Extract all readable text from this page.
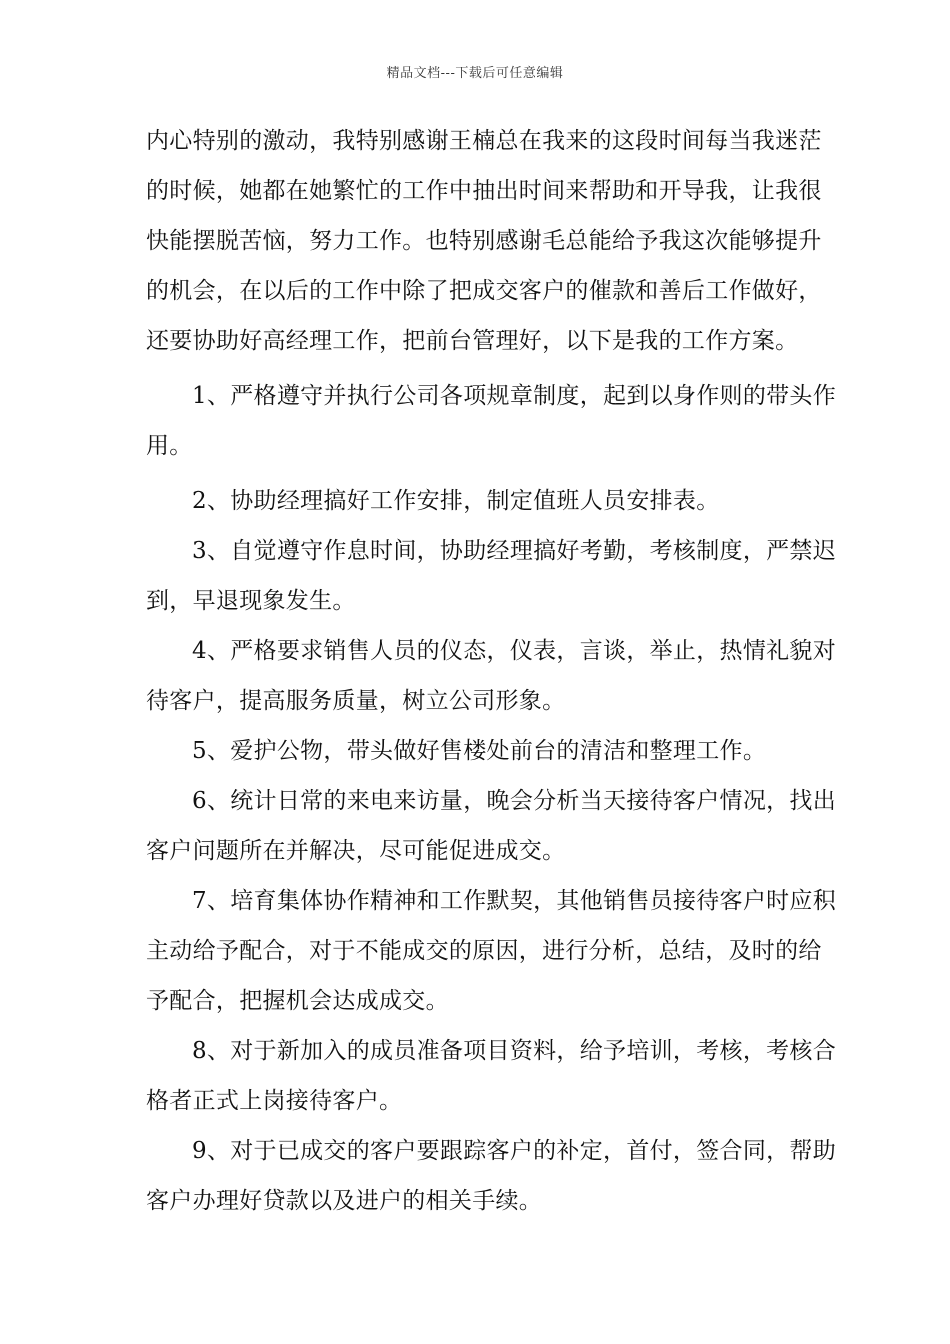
精品文档---下载后可任意编辑
内心特别的激动，我特别感谢王楠总在我来的这段时间每当我迷茫
的时候，她都在她繁忙的工作中抽出时间来帮助和开导我，让我很
快能摆脱苦恼，努力工作。也特别感谢毛总能给予我这次能够提升
的机会，在以后的工作中除了把成交客户的催款和善后工作做好，
还要协助好高经理工作，把前台管理好，以下是我的工作方案。
1、严格遵守并执行公司各项规章制度，起到以身作则的带头作
用。
2、协助经理搞好工作安排，制定值班人员安排表。
3、自觉遵守作息时间，协助经理搞好考勤，考核制度，严禁迟
到，早退现象发生。
4、严格要求销售人员的仪态，仪表，言谈，举止，热情礼貌对
待客户，提高服务质量，树立公司形象。
5、爱护公物，带头做好售楼处前台的清洁和整理工作。
6、统计日常的来电来访量，晚会分析当天接待客户情况，找出
客户问题所在并解决，尽可能促进成交。
7、培育集体协作精神和工作默契，其他销售员接待客户时应积
主动给予配合，对于不能成交的原因，进行分析，总结，及时的给
予配合，把握机会达成成交。
8、对于新加入的成员准备项目资料，给予培训，考核，考核合
格者正式上岗接待客户。
9、对于已成交的客户要跟踪客户的补定，首付，签合同，帮助
客户办理好贷款以及进户的相关手续。
